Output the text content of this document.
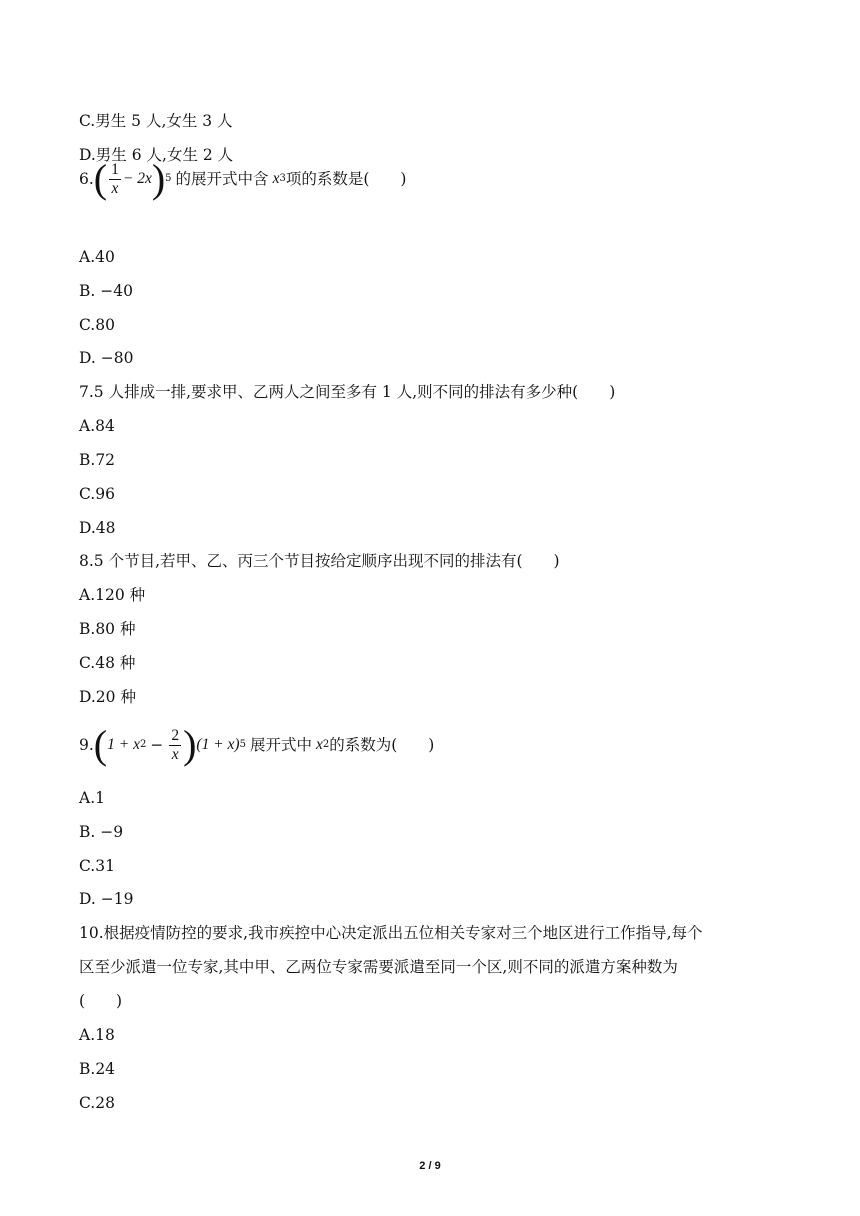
C.男生 5 人,女生 3 人
D.男生 6 人,女生 2 人
6. ( $\frac{1}{x} - 2x$ ) 5 的展开式中含 x 3 项的系数是(　　)
A.40
B. −40
C.80
D. −80
7.5 人排成一排,要求甲、乙两人之间至多有 1 人,则不同的排法有多少种(　　)
A.84
B.72
C.96
D.48
8.5 个节目,若甲、乙、丙三个节目按给定顺序出现不同的排法有(　　)
A.120 种
B.80 种
C.48 种
D.20 种
9. ( 1 + x $2 - \frac{2}{x}$ ) (1 + x) 5 展开式中 x 2 的系数为(　　)
A.1
B. −9
C.31
D. −19
10.根据疫情防控的要求,我市疾控中心决定派出五位相关专家对三个地区进行工作指导,每个
区至少派遣一位专家,其中甲、乙两位专家需要派遣至同一个区,则不同的派遣方案种数为
(　　)
A.18
B.24
C.28
2 / 9
